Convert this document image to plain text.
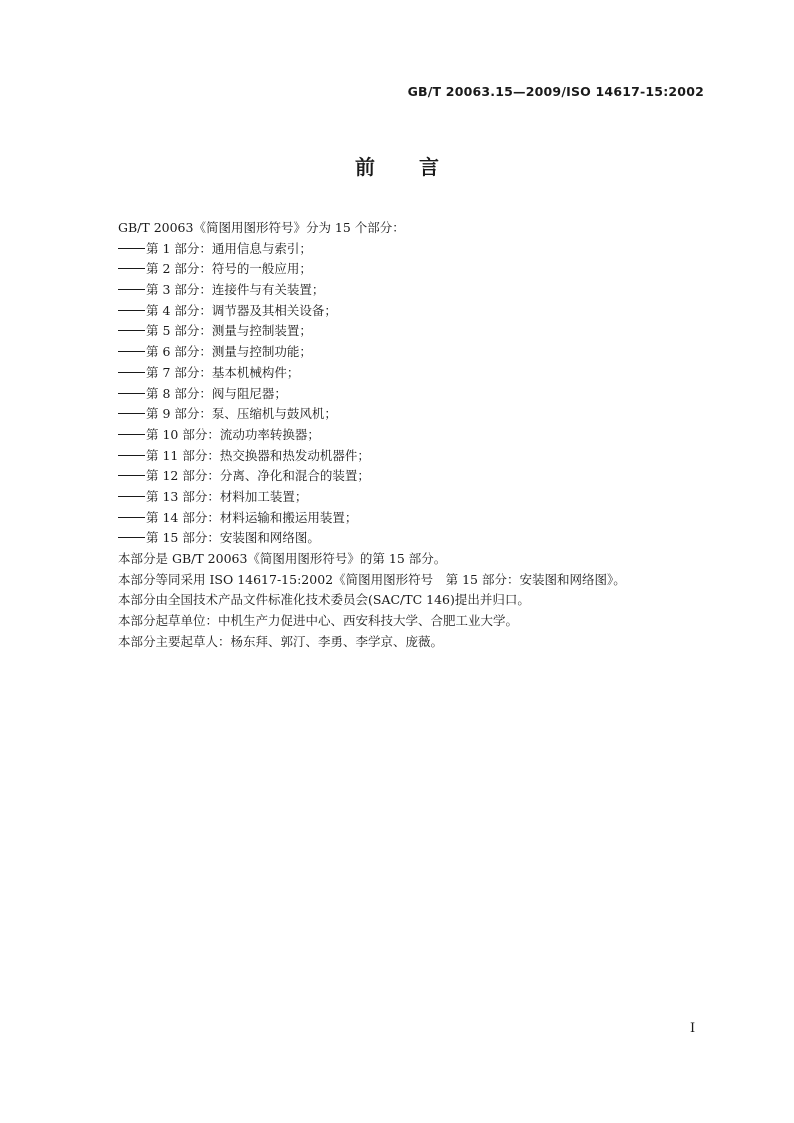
GB/T 20063.15—2009/ISO 14617-15:2002
前言
GB/T 20063《简图用图形符号》分为 15 个部分：
第 1 部分：通用信息与索引；
第 2 部分：符号的一般应用；
第 3 部分：连接件与有关装置；
第 4 部分：调节器及其相关设备；
第 5 部分：测量与控制装置；
第 6 部分：测量与控制功能；
第 7 部分：基本机械构件；
第 8 部分：阀与阻尼器；
第 9 部分：泵、压缩机与鼓风机；
第 10 部分：流动功率转换器；
第 11 部分：热交换器和热发动机器件；
第 12 部分：分离、净化和混合的装置；
第 13 部分：材料加工装置；
第 14 部分：材料运输和搬运用装置；
第 15 部分：安装图和网络图。
本部分是 GB/T 20063《简图用图形符号》的第 15 部分。
本部分等同采用 ISO 14617-15:2002《简图用图形符号　第 15 部分：安装图和网络图》。
本部分由全国技术产品文件标准化技术委员会(SAC/TC 146)提出并归口。
本部分起草单位：中机生产力促进中心、西安科技大学、合肥工业大学。
本部分主要起草人：杨东拜、郭汀、李勇、李学京、庞薇。
I
